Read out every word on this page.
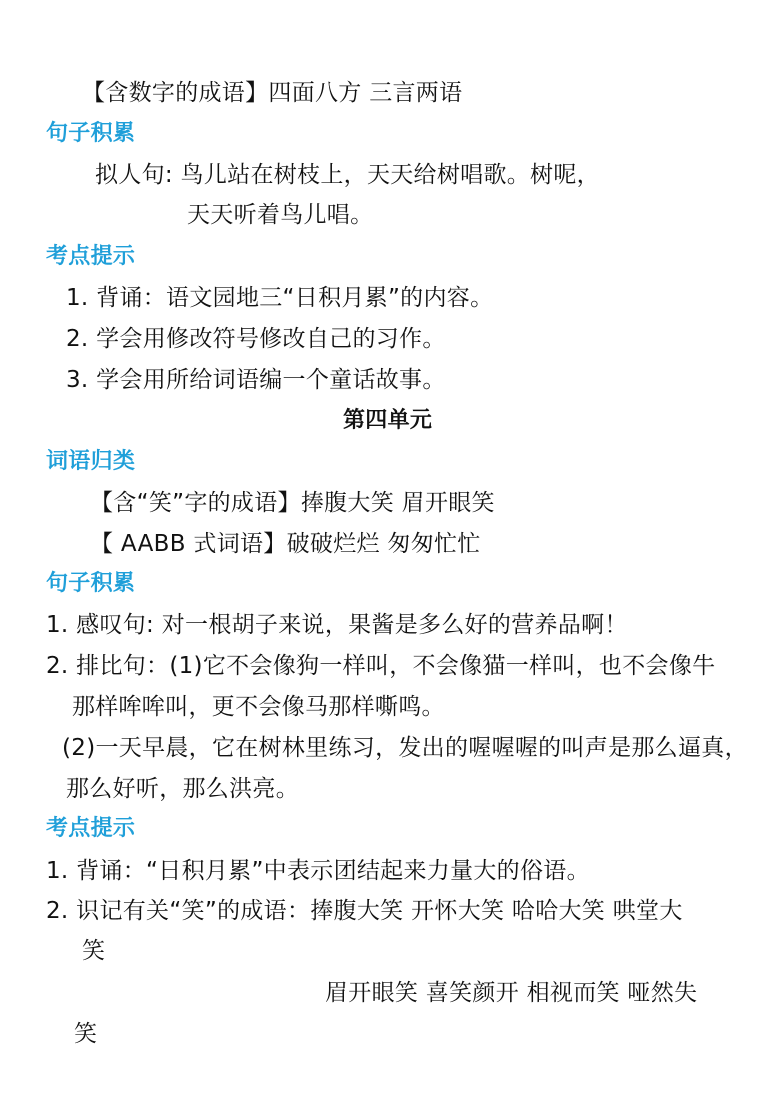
【含数字的成语】四面八方 三言两语
句子积累
拟人句: 鸟儿站在树枝上，天天给树唱歌。树呢，
天天听着鸟儿唱。
考点提示
1. 背诵：语文园地三“日积月累”的内容。
2. 学会用修改符号修改自己的习作。
3. 学会用所给词语编一个童话故事。
第四单元
词语归类
【含“笑”字的成语】捧腹大笑 眉开眼笑
【 AABB 式词语】破破烂烂 匆匆忙忙
句子积累
1. 感叹句: 对一根胡子来说，果酱是多么好的营养品啊！
2. 排比句：(1)它不会像狗一样叫，不会像猫一样叫，也不会像牛
那样哞哞叫，更不会像马那样嘶鸣。
(2)一天早晨，它在树林里练习，发出的喔喔喔的叫声是那么逼真，
那么好听，那么洪亮。
考点提示
1. 背诵：“日积月累”中表示团结起来力量大的俗语。
2. 识记有关“笑”的成语：捧腹大笑 开怀大笑 哈哈大笑 哄堂大
笑
眉开眼笑 喜笑颜开 相视而笑 哑然失
笑
